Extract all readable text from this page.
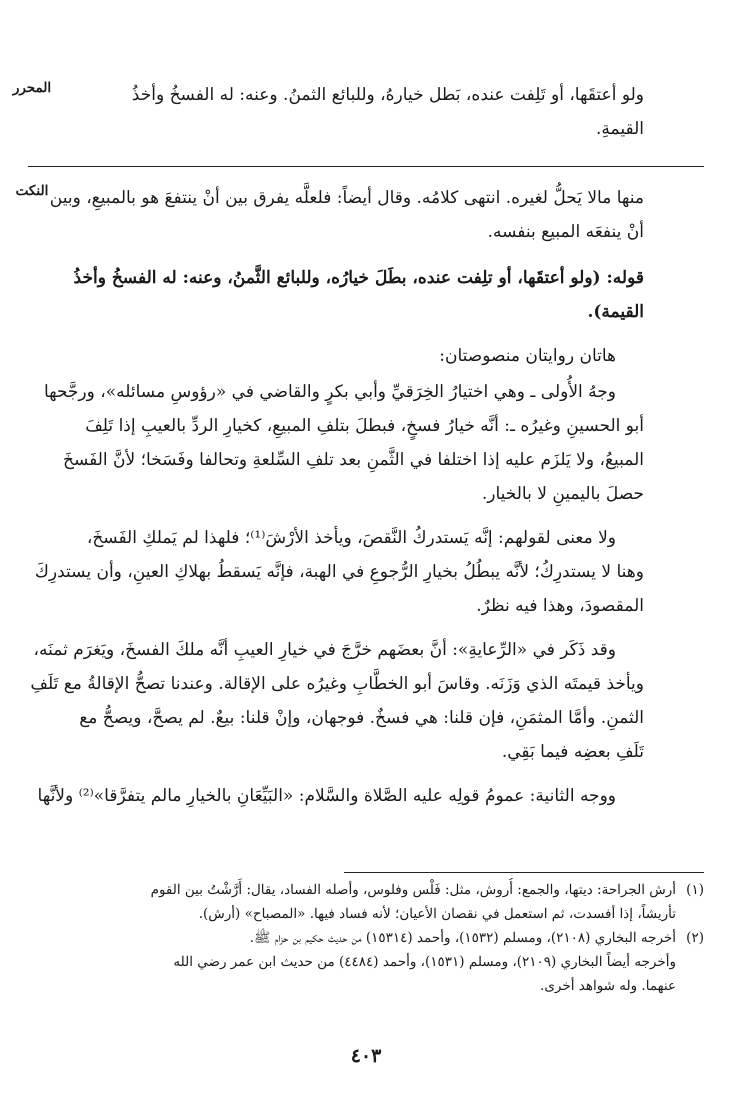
المحرر	ولو أعتقَها، أو تَلِفت عنده، بَطل خيارهُ، وللبائع الثمنُ. وعنه: له الفسخُ وأخذُ
القيمةِ.
النكت منها مالا يَحلُّ لغيره. انتهى كلامُه. وقال أيضاً: فلعلَّه يفرق بين أنْ ينتفعَ هو بالمبيعِ، وبين
أنْ ينفعَه المبيع بنفسه.
قوله: (ولو أعتقَها، أو تلِفت عنده، بطَلَ خيارُه، وللبائع الثَّمنُ، وعنه: له الفسخُ وأخذُ
القيمة).
هاتان روايتان منصوصتان:
وجهُ الأُولى ـ وهي اختيارُ الخِرَقيِّ وأبي بكرٍ والقاضي في «رؤوسِ مسائله»، ورجَّحها
أبو الحسينِ وغيرُه ـ: أنَّه خيارُ فسخٍ، فبطلَ بتلفِ المبيعِ، كخيارِ الردِّ بالعيبِ إذا تَلِفَ
المبيعُ، ولا يَلزَم عليه إذا اختلفا في الثَّمنِ بعد تلفِ السِّلعةِ وتحالفا وفَسَخا؛ لأنَّ الفَسخَ
حصلَ باليمينِ لا بالخيار.
ولا معنى لقولهم: إنَّه يَستدركُ النَّقصَ، ويأخذ الأرْشَ⁽¹⁾؛ فلهذا لم يَملكِ الفَسخَ،
وهنا لا يستدرِكُ؛ لأنَّه يبطُلُ بخيارِ الرُّجوعِ في الهبة، فإنَّه يَسقطُ بهلاكِ العينِ، وأن يستدرِكَ
المقصودَ، وهذا فيه نظرٌ.
وقد ذَكَر في «الرِّعايةِ»: أنَّ بعضَهم خرَّجَ في خيارِ العيبِ أنَّه ملكَ الفسخَ، ويَغرَم ثمنَه،
ويأخذ قيمتَه الذي وَزَنَه. وقاسَ أبو الخطَّابِ وغيرُه على الإقالة. وعندنا تصحُّ الإقالةُ مع تَلَفِ
الثمنِ. وأمَّا المثمَنِ، فإن قلنا: هي فسخٌ. فوجهان، وإنْ قلنا: بيعٌ. لم يصحَّ، ويصحُّ مع
تَلَفِ بعضِه فيما بَقِي.
ووجه الثانية: عمومُ قولِه عليه الصَّلاة والسَّلام: «البَيِّعَانِ بالخيارِ مالم يتفرَّقا»⁽²⁾ ولأنَّها
(١)أرش الجراحة: ديتها، والجمع: أُروش، مثل: فَلْس وفلوس، وأصله الفساد، يقال: أَرَّشْتُ بين القوم
تأريشاً، إذا أفسدت، ثم استعمل في نقصان الأعيان؛ لأنه فساد فيها. «المصباح» (أرش).
(٢)أخرجه البخاري (٢١٠٨)، ومسلم (١٥٣٢)، وأحمد (١٥٣١٤) من حديث حكيم بن حزام ﷺ.
وأخرجه أيضاً البخاري (٢١٠٩)، ومسلم (١٥٣١)، وأحمد (٤٤٨٤) من حديث ابن عمر رضي الله
عنهما. وله شواهد أخرى.
٤٠٣
